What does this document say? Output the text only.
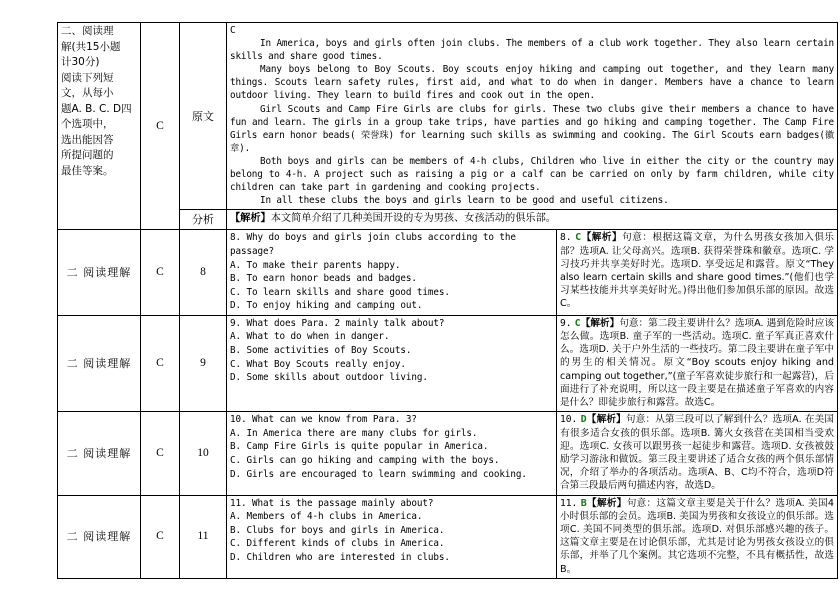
二、阅读理
解(共15小题
计30分)
阅读下列短
文，从每小
题A. B. C. D四
个选项中，
选出能因答
所提问题的
最佳等案。
	C	原文	

C

In America, boys and girls often join clubs. The members of a club work together. They also learn certain skills and share good times.

Many boys belong to Boy Scouts. Boy scouts enjoy hiking and camping out together, and they learn many things. Scouts learn safety rules, first aid, and what to do when in danger. Members have a chance to learn outdoor living. They learn to build fires and cook out in the open.

Girl Scouts and Camp Fire Girls are clubs for girls. These two clubs give their members a chance to have fun and learn. The girls in a group take trips, have parties and go hiking and camping together. The Camp Fire Girls earn honor beads( 荣誉珠) for learning such skills as swimming and cooking. The Girl Scouts earn badges(徽章).

Both boys and girls can be members of 4-h clubs, Children who live in either the city or the country may belong to 4-h. A project such as raising a pig or a calf can be carried on only by farm children, while city children can take part in gardening and cooking projects.

In all these clubs the boys and girls learn to be good and useful citizens.

		分析	【解析】本文简单介绍了几种美国开设的专为男孩、女孩活动的俱乐部。	
二 阅读理解	C	8	8. Why do boys and girls join clubs according to the passage?

A. To make their parents happy.

B. To earn honor beads and badges.

C. To learn skills and share good times.

D. To enjoy hiking and camping out.	8. C【解析】句意：根据这篇文章，为什么男孩女孩加入俱乐部？选项A. 让父母高兴。选项B. 获得荣誉珠和徽章。选项C. 学习技巧并共享美好时光。选项D. 享受远足和露营。原文“They also learn certain skills and share good times.”(他们也学习某些技能并共享美好时光。)得出他们参加俱乐部的原因。故选C。
二 阅读理解	C	9	

9. What does Para. 2 mainly talk about?

A. What to do when in danger.

B. Some activities of Boy Scouts.

C. What Boy Scouts really enjoy.

D. Some skills about outdoor living.

	9. C【解析】句意：第二段主要讲什么？选项A. 遇到危险时应该怎么做。选项B. 童子军的一些活动。选项C. 童子军真正喜欢什么。选项D. 关于户外生活的一些技巧。第二段主要讲在童子军中的男生的相关情况。原文“Boy scouts enjoy hiking and camping out together,”(童子军喜欢徒步旅行和一起露营)，后面进行了补充说明，所以这一段主要是在描述童子军喜欢的内容是什么？即徒步旅行和露营。故选C。
二 阅读理解	C	10	10. What can we know from Para. 3?

A. In America there are many clubs for girls.

B. Camp Fire Girls is quite popular in America.

C. Girls can go hiking and camping with the boys.

D. Girls are encouraged to learn swimming and cooking.	10. D【解析】句意：从第三段可以了解到什么？选项A. 在美国有很多适合女孩的俱乐部。选项B. 篝火女孩营在美国相当受欢迎。选项C. 女孩可以跟男孩一起徒步和露营。选项D. 女孩被鼓励学习游泳和做饭。第三段主要讲述了适合女孩的两个俱乐部情况，介绍了举办的各项活动。选项A、B、C均不符合，选项D符合第三段最后两句描述内容，故选D。
二 阅读理解	C	11	11. What is the passage mainly about?

A. Members of 4-h clubs in America.

B. Clubs for boys and girls in America.

C. Different kinds of clubs in America.

D. Children who are interested in clubs.	11. B【解析】句意：这篇文章主要是关于什么？选项A. 美国4小时俱乐部的会员。选项B. 美国为男孩和女孩设立的俱乐部。选项C. 美国不同类型的俱乐部。选项D. 对俱乐部感兴趣的孩子。这篇文章主要是在讨论俱乐部，尤其是讨论为男孩女孩设立的俱乐部，并举了几个案例。其它选项不完整，不具有概括性，故选B。
